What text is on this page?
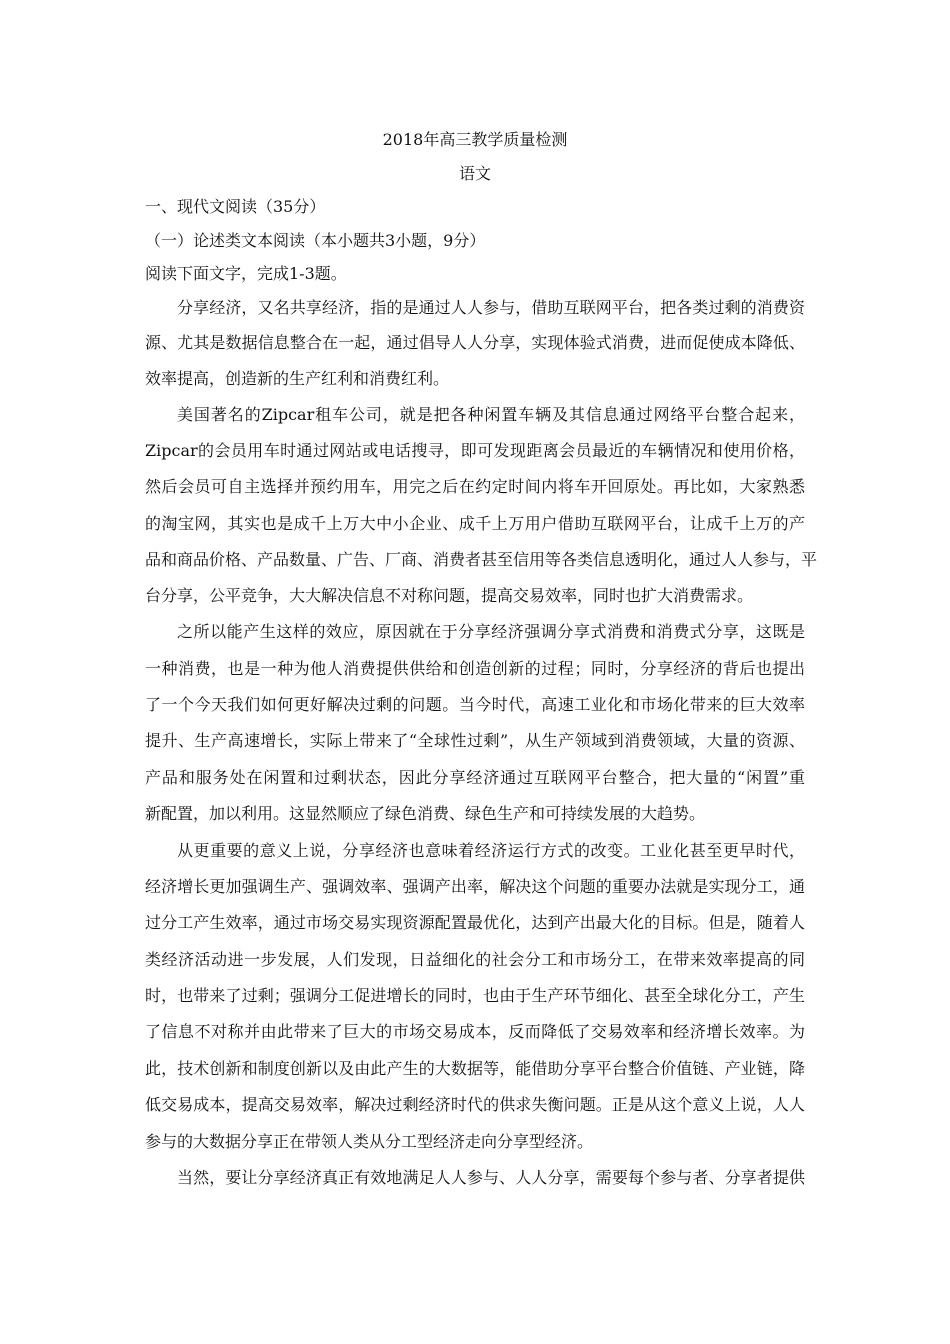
2018年高三教学质量检测
语文
一、现代文阅读（35分）
（一）论述类文本阅读（本小题共3小题，9分）
阅读下面文字，完成1-3题。
分享经济，又名共享经济，指的是通过人人参与，借助互联网平台，把各类过剩的消费资
源、尤其是数据信息整合在一起，通过倡导人人分享，实现体验式消费，进而促使成本降低、
效率提高，创造新的生产红利和消费红利。
美国著名的Zipcar租车公司，就是把各种闲置车辆及其信息通过网络平台整合起来，
Zipcar的会员用车时通过网站或电话搜寻，即可发现距离会员最近的车辆情况和使用价格，
然后会员可自主选择并预约用车，用完之后在约定时间内将车开回原处。再比如，大家熟悉
的淘宝网，其实也是成千上万大中小企业、成千上万用户借助互联网平台，让成千上万的产
品和商品价格、产品数量、广告、厂商、消费者甚至信用等各类信息透明化，通过人人参与，平
台分享，公平竞争，大大解决信息不对称问题，提高交易效率，同时也扩大消费需求。
之所以能产生这样的效应，原因就在于分享经济强调分享式消费和消费式分享，这既是
一种消费，也是一种为他人消费提供供给和创造创新的过程；同时，分享经济的背后也提出
了一个今天我们如何更好解决过剩的问题。当今时代，高速工业化和市场化带来的巨大效率
提升、生产高速增长，实际上带来了“全球性过剩”，从生产领域到消费领域，大量的资源、
产品和服务处在闲置和过剩状态，因此分享经济通过互联网平台整合，把大量的“闲置”重
新配置，加以利用。这显然顺应了绿色消费、绿色生产和可持续发展的大趋势。
从更重要的意义上说，分享经济也意味着经济运行方式的改变。工业化甚至更早时代，
经济增长更加强调生产、强调效率、强调产出率，解决这个问题的重要办法就是实现分工，通
过分工产生效率，通过市场交易实现资源配置最优化，达到产出最大化的目标。但是，随着人
类经济活动进一步发展，人们发现，日益细化的社会分工和市场分工，在带来效率提高的同
时，也带来了过剩；强调分工促进增长的同时，也由于生产环节细化、甚至全球化分工，产生
了信息不对称并由此带来了巨大的市场交易成本，反而降低了交易效率和经济增长效率。为
此，技术创新和制度创新以及由此产生的大数据等，能借助分享平台整合价值链、产业链，降
低交易成本，提高交易效率，解决过剩经济时代的供求失衡问题。正是从这个意义上说，人人
参与的大数据分享正在带领人类从分工型经济走向分享型经济。
当然，要让分享经济真正有效地满足人人参与、人人分享，需要每个参与者、分享者提供
